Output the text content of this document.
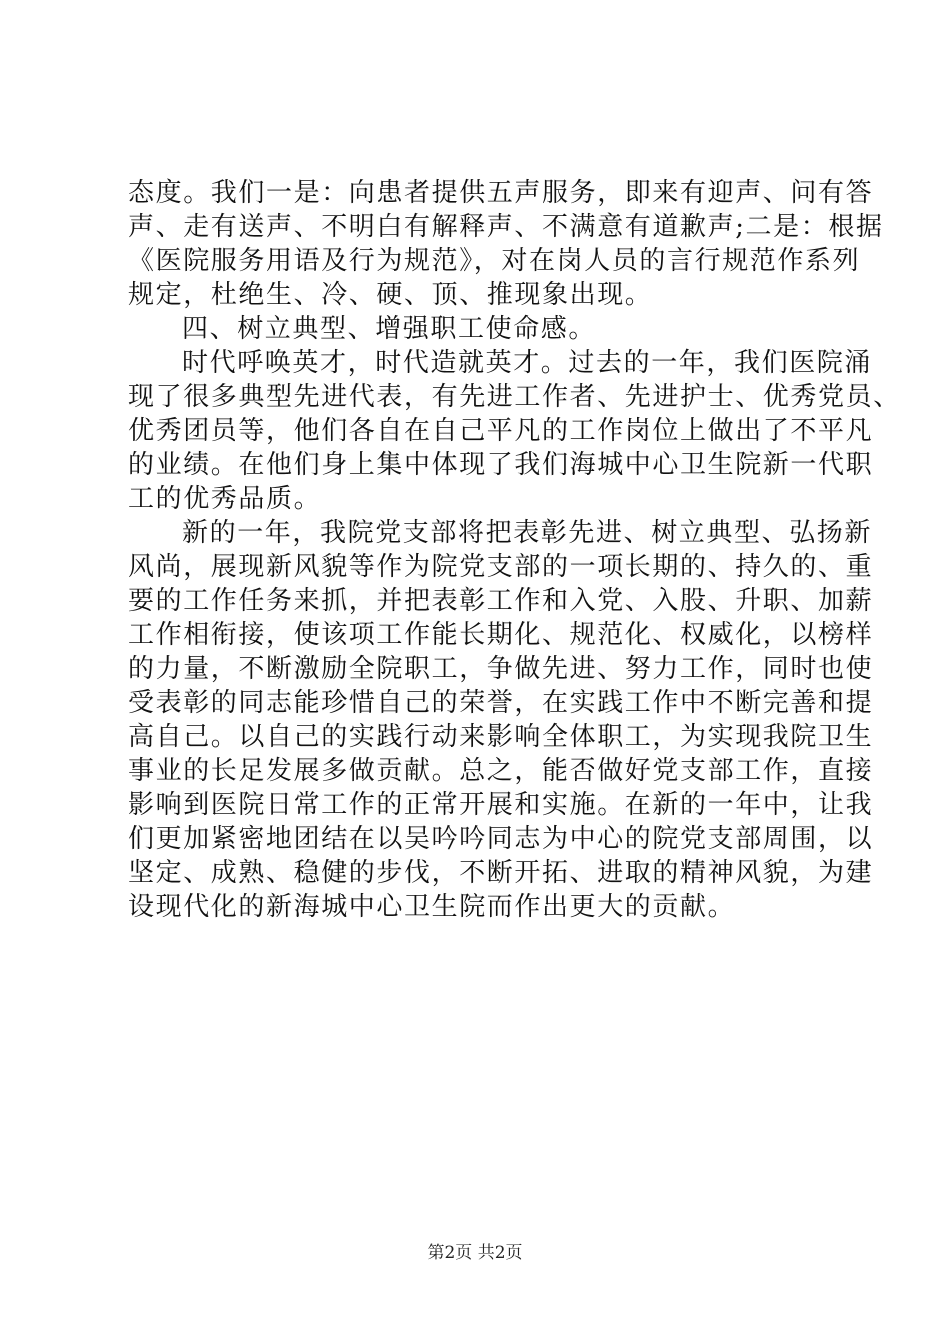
态度。我们一是：向患者提供五声服务，即来有迎声、问有答
声、走有送声、不明白有解释声、不满意有道歉声;二是：根据
《医院服务用语及行为规范》，对在岗人员的言行规范作系列
规定，杜绝生、冷、硬、顶、推现象出现。
四、树立典型、增强职工使命感。
时代呼唤英才，时代造就英才。过去的一年，我们医院涌
现了很多典型先进代表，有先进工作者、先进护士、优秀党员、
优秀团员等，他们各自在自己平凡的工作岗位上做出了不平凡
的业绩。在他们身上集中体现了我们海城中心卫生院新一代职
工的优秀品质。
新的一年，我院党支部将把表彰先进、树立典型、弘扬新
风尚，展现新风貌等作为院党支部的一项长期的、持久的、重
要的工作任务来抓，并把表彰工作和入党、入股、升职、加薪
工作相衔接，使该项工作能长期化、规范化、权威化，以榜样
的力量，不断激励全院职工，争做先进、努力工作，同时也使
受表彰的同志能珍惜自己的荣誉，在实践工作中不断完善和提
高自己。以自己的实践行动来影响全体职工，为实现我院卫生
事业的长足发展多做贡献。总之，能否做好党支部工作，直接
影响到医院日常工作的正常开展和实施。在新的一年中，让我
们更加紧密地团结在以吴吟吟同志为中心的院党支部周围，以
坚定、成熟、稳健的步伐，不断开拓、进取的精神风貌，为建
设现代化的新海城中心卫生院而作出更大的贡献。
第2页 共2页
